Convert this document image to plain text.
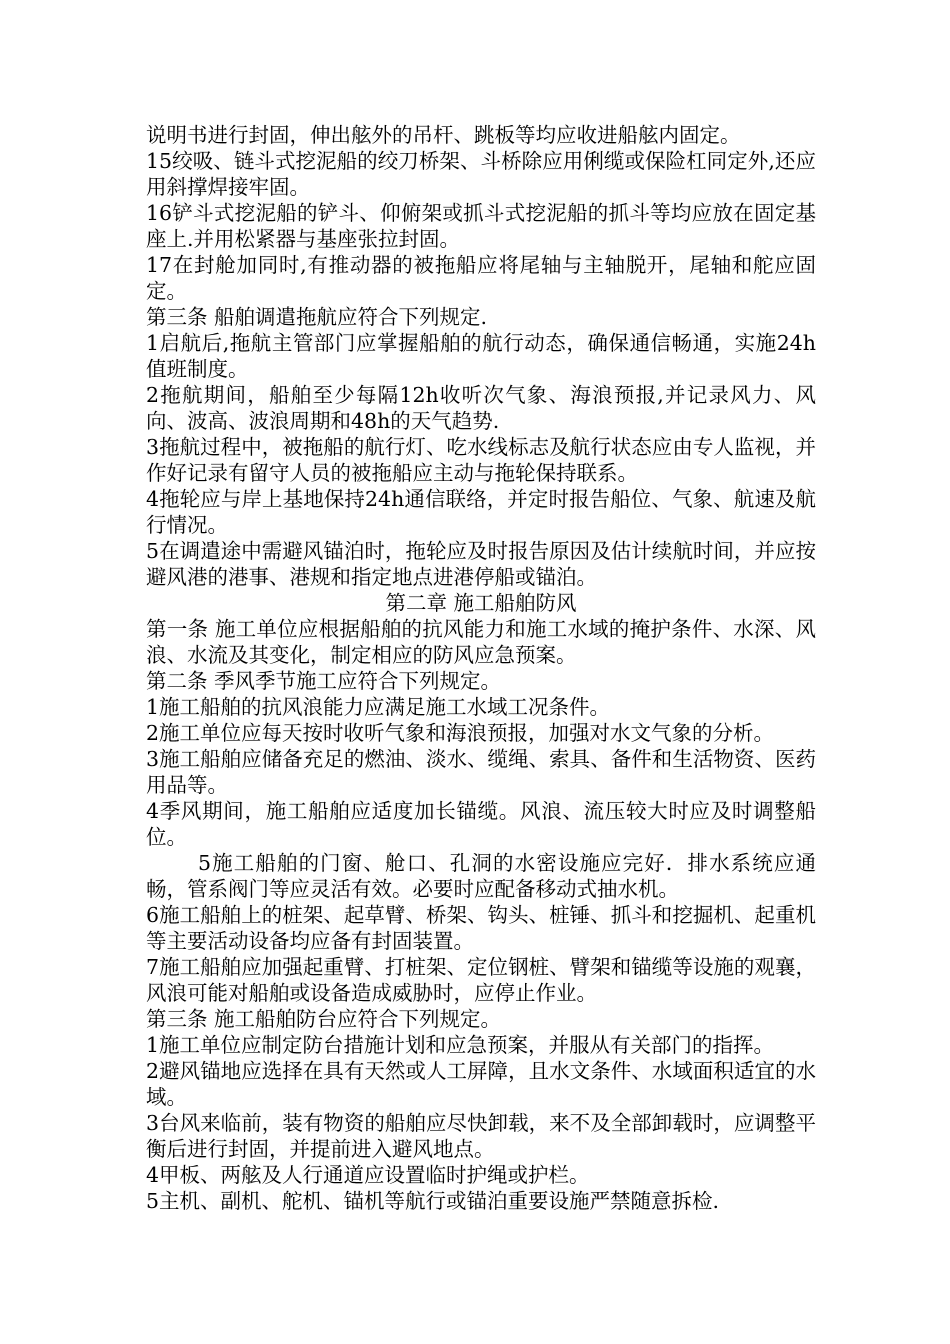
说明书进行封固，伸出舷外的吊杆、跳板等均应收进船舷内固定。

15绞吸、链斗式挖泥船的绞刀桥架、斗桥除应用俐缆或保险杠同定外,还应用斜撑焊接牢固。

16铲斗式挖泥船的铲斗、仰俯架或抓斗式挖泥船的抓斗等均应放在固定基座上.并用松紧器与基座张拉封固。

17在封舱加同时,有推动器的被拖船应将尾轴与主轴脱开，尾轴和舵应固定。

第三条 船舶调遣拖航应符合下列规定.

1启航后,拖航主管部门应掌握船舶的航行动态，确保通信畅通，实施24h值班制度。

2拖航期间，船舶至少每隔12h收听次气象、海浪预报,并记录风力、风向、波高、波浪周期和48h的天气趋势.

3拖航过程中，被拖船的航行灯、吃水线标志及航行状态应由专人监视，并作好记录有留守人员的被拖船应主动与拖轮保持联系。

4拖轮应与岸上基地保持24h通信联络，并定时报告船位、气象、航速及航行情况。

5在调遣途中需避风锚泊时，拖轮应及时报告原因及估计续航时间，并应按避风港的港事、港规和指定地点进港停船或锚泊。

第二章 施工船舶防风

第一条 施工单位应根据船舶的抗风能力和施工水域的掩护条件、水深、风浪、水流及其变化，制定相应的防风应急预案。

第二条 季风季节施工应符合下列规定。

1施工船舶的抗风浪能力应满足施工水域工况条件。

2施工单位应每天按时收听气象和海浪预报，加强对水文气象的分析。

3施工船舶应储备充足的燃油、淡水、缆绳、索具、备件和生活物资、医药用品等。

4季风期间，施工船舶应适度加长锚缆。风浪、流压较大时应及时调整船位。

5施工船舶的门窗、舱口、孔洞的水密设施应完好．排水系统应通畅，管系阀门等应灵活有效。必要时应配备移动式抽水机。

6施工船舶上的桩架、起草臂、桥架、钩头、桩锤、抓斗和挖掘机、起重机等主要活动设备均应备有封固装置。

7施工船舶应加强起重臂、打桩架、定位钢桩、臂架和锚缆等设施的观襄，风浪可能对船舶或设备造成威胁时，应停止作业。

第三条 施工船舶防台应符合下列规定。

1施工单位应制定防台措施计划和应急预案，并服从有关部门的指挥。

2避风锚地应选择在具有天然或人工屏障，且水文条件、水域面积适宜的水域。

3台风来临前，装有物资的船舶应尽快卸载，来不及全部卸载时，应调整平衡后进行封固，并提前进入避风地点。

4甲板、两舷及人行通道应设置临时护绳或护栏。

5主机、副机、舵机、锚机等航行或锚泊重要设施严禁随意拆检.
